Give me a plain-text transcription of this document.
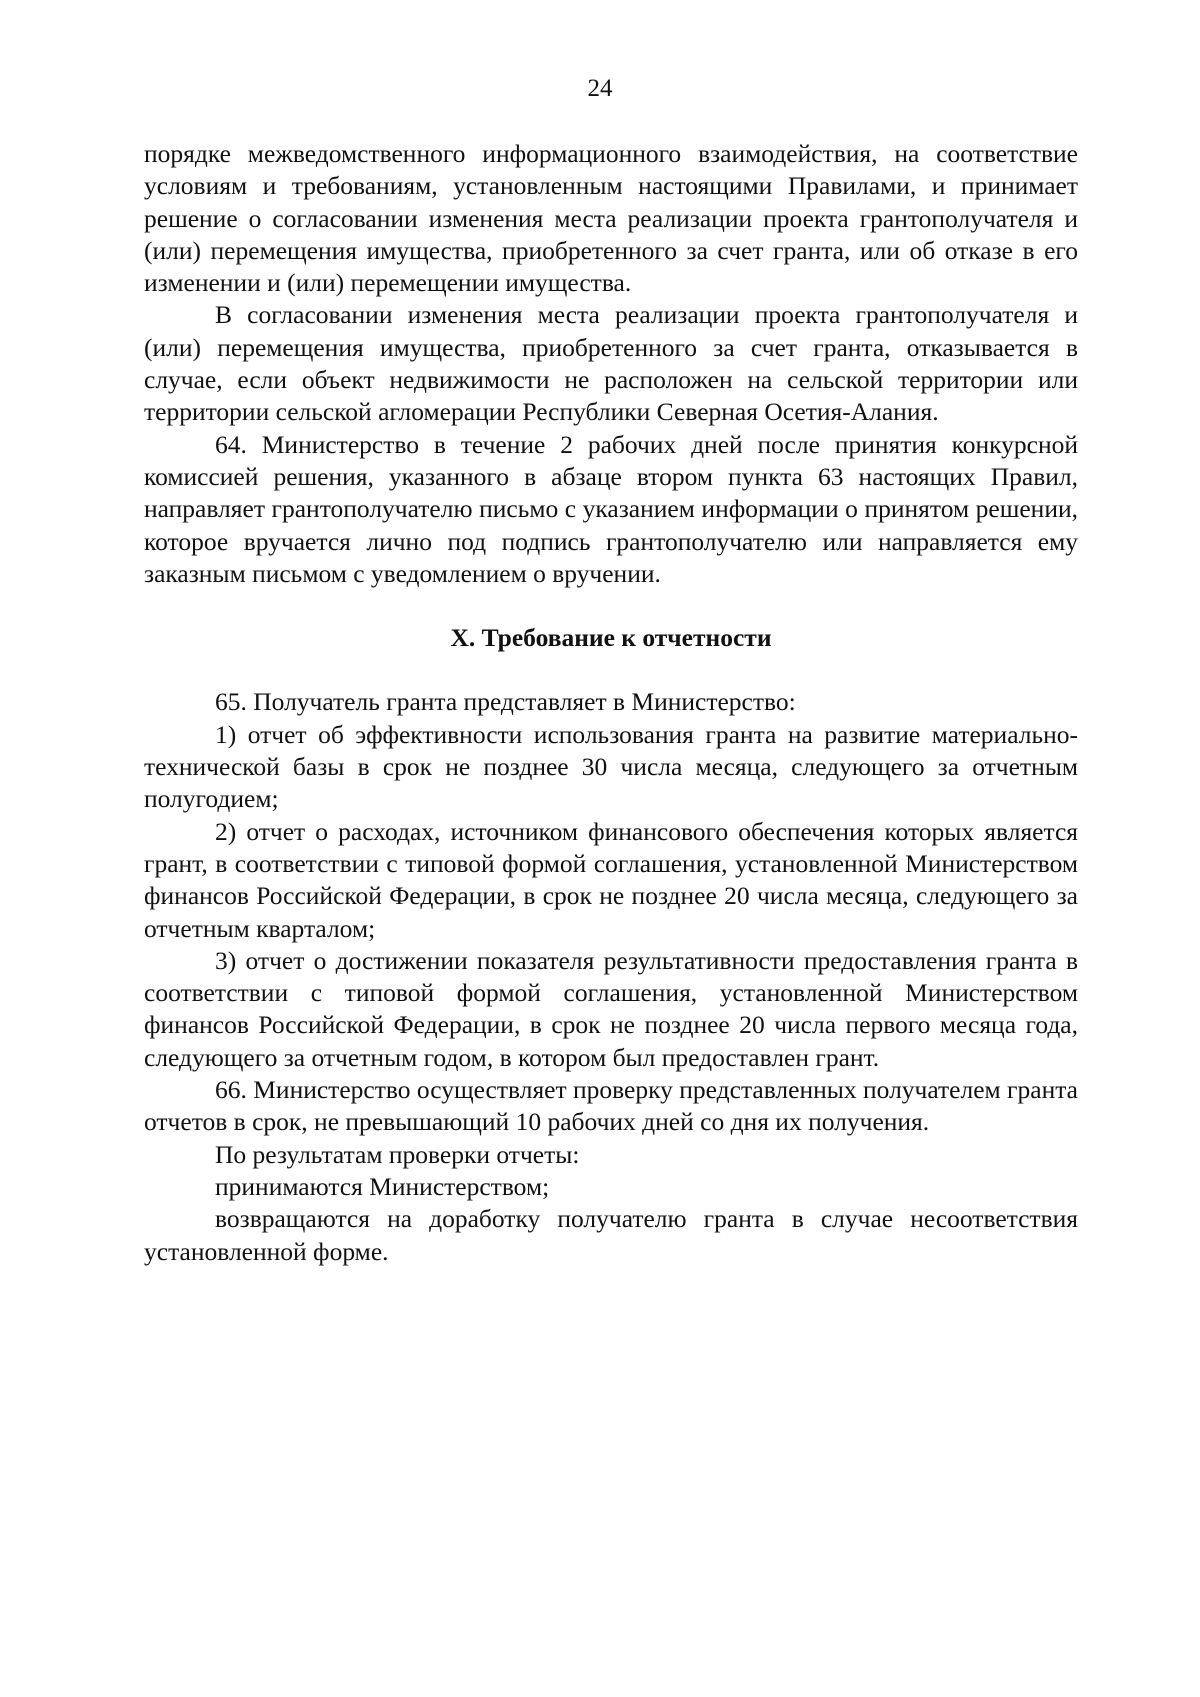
24

порядке межведомственного информационного взаимодействия, на соответствие условиям и требованиям, установленным настоящими Правилами, и принимает решение о согласовании изменения места реализации проекта грантополучателя и (или) перемещения имущества, приобретенного за счет гранта, или об отказе в его изменении и (или) перемещении имущества.

В согласовании изменения места реализации проекта грантополучателя и (или) перемещения имущества, приобретенного за счет гранта, отказывается в случае, если объект недвижимости не расположен на сельской территории или территории сельской агломерации Республики Северная Осетия-Алания.

64. Министерство в течение 2 рабочих дней после принятия конкурсной комиссией решения, указанного в абзаце втором пункта 63 настоящих Правил, направляет грантополучателю письмо с указанием информации о принятом решении, которое вручается лично под подпись грантополучателю или направляется ему заказным письмом с уведомлением о вручении.

X. Требование к отчетности

65. Получатель гранта представляет в Министерство:

1) отчет об эффективности использования гранта на развитие материально-технической базы в срок не позднее 30 числа месяца, следующего за отчетным полугодием;

2) отчет о расходах, источником финансового обеспечения которых является грант, в соответствии с типовой формой соглашения, установленной Министерством финансов Российской Федерации, в срок не позднее 20 числа месяца, следующего за отчетным кварталом;

3) отчет о достижении показателя результативности предоставления гранта в соответствии с типовой формой соглашения, установленной Министерством финансов Российской Федерации, в срок не позднее 20 числа первого месяца года, следующего за отчетным годом, в котором был предоставлен грант.

66. Министерство осуществляет проверку представленных получателем гранта отчетов в срок, не превышающий 10 рабочих дней со дня их получения.

По результатам проверки отчеты:

принимаются Министерством;

возвращаются на доработку получателю гранта в случае несоответствия установленной форме.
